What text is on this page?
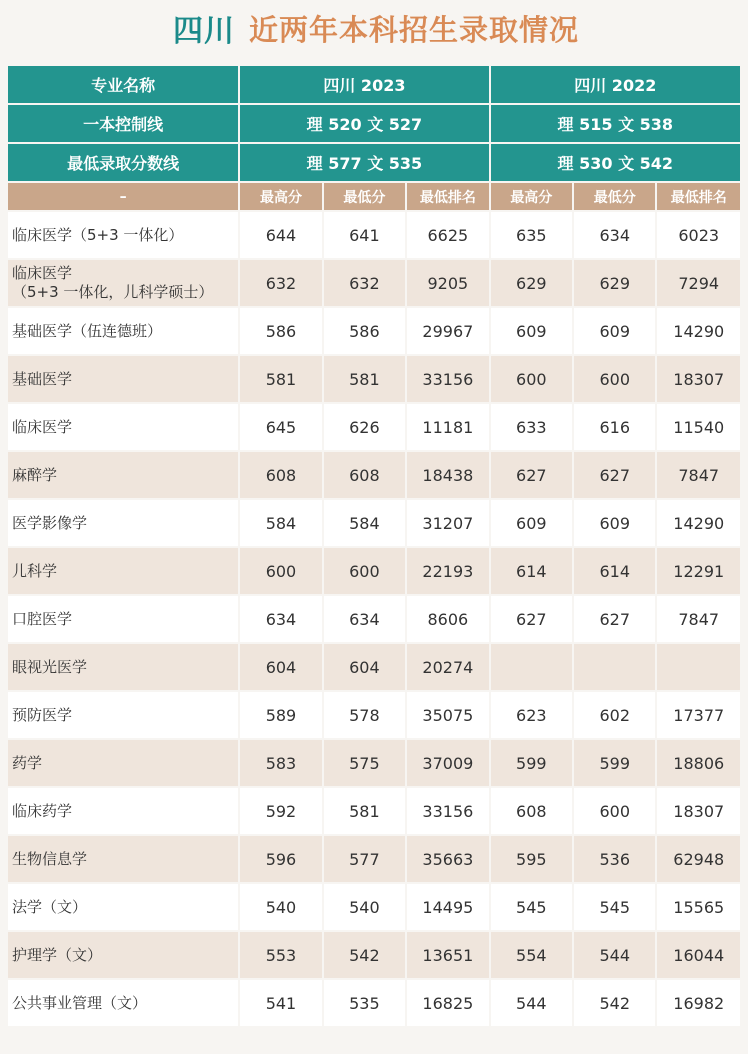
四川 近两年本科招生录取情况
专业名称	四川 2023			四川 2022		
一本控制线	理 520 文 527			理 515 文 538		
最低录取分数线	理 577 文 535			理 530 文 542		
–	最高分	最低分	最低排名	最高分	最低分	最低排名
临床医学（5+3 一体化）	644	641	6625	635	634	6023
临床医学
（5+3 一体化，儿科学硕士）	632	632	9205	629	629	7294
基础医学（伍连德班）	586	586	29967	609	609	14290
基础医学	581	581	33156	600	600	18307
临床医学	645	626	11181	633	616	11540
麻醉学	608	608	18438	627	627	7847
医学影像学	584	584	31207	609	609	14290
儿科学	600	600	22193	614	614	12291
口腔医学	634	634	8606	627	627	7847
眼视光医学	604	604	20274			
预防医学	589	578	35075	623	602	17377
药学	583	575	37009	599	599	18806
临床药学	592	581	33156	608	600	18307
生物信息学	596	577	35663	595	536	62948
法学（文）	540	540	14495	545	545	15565
护理学（文）	553	542	13651	554	544	16044
公共事业管理（文）	541	535	16825	544	542	16982
